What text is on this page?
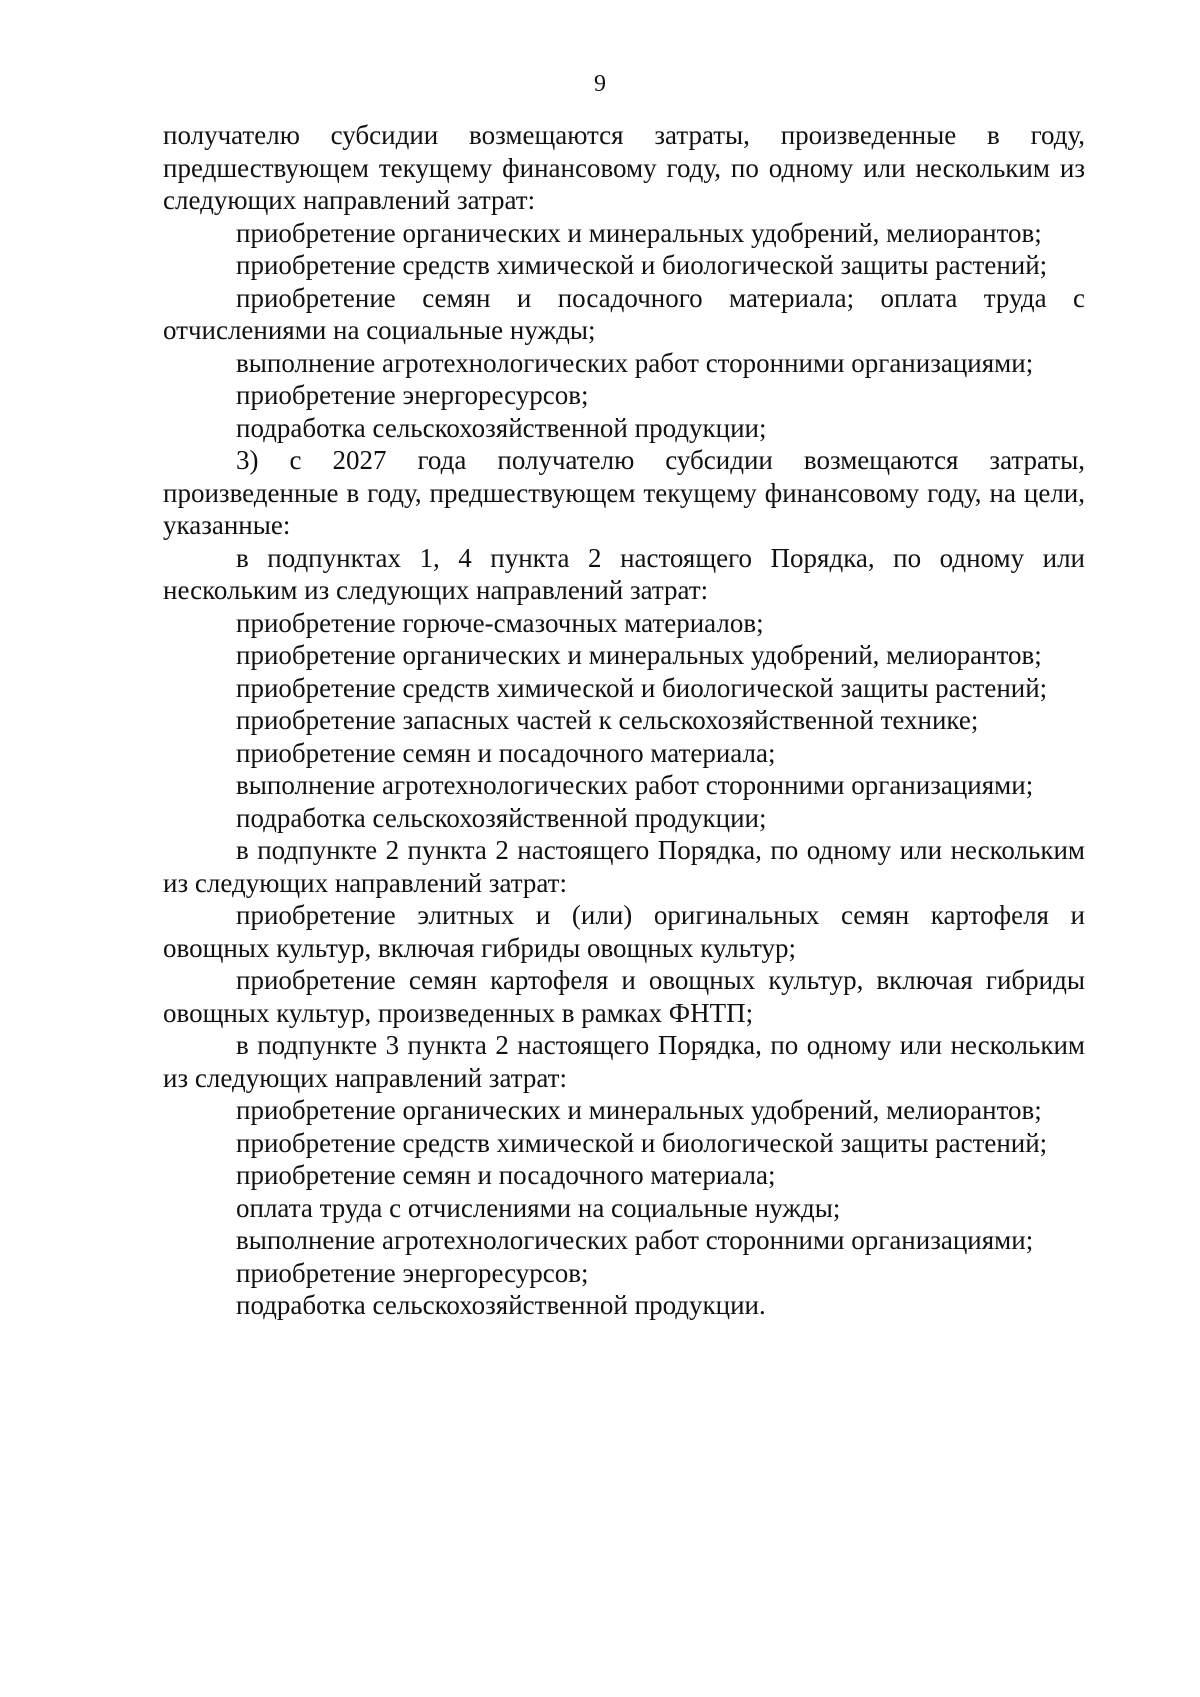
9

получателю субсидии возмещаются затраты, произведенные в году, предшествующем текущему финансовому году, по одному или нескольким из следующих направлений затрат:

приобретение органических и минеральных удобрений, мелиорантов;

приобретение средств химической и биологической защиты растений;

приобретение семян и посадочного материала; оплата труда с отчислениями на социальные нужды;

выполнение агротехнологических работ сторонними организациями;

приобретение энергоресурсов;

подработка сельскохозяйственной продукции;

3) с 2027 года получателю субсидии возмещаются затраты, произведенные в году, предшествующем текущему финансовому году, на цели, указанные:

в подпунктах 1, 4 пункта 2 настоящего Порядка, по одному или нескольким из следующих направлений затрат:

приобретение горюче-смазочных материалов;

приобретение органических и минеральных удобрений, мелиорантов;

приобретение средств химической и биологической защиты растений;

приобретение запасных частей к сельскохозяйственной технике;

приобретение семян и посадочного материала;

выполнение агротехнологических работ сторонними организациями;

подработка сельскохозяйственной продукции;

в подпункте 2 пункта 2 настоящего Порядка, по одному или нескольким из следующих направлений затрат:

приобретение элитных и (или) оригинальных семян картофеля и овощных культур, включая гибриды овощных культур;

приобретение семян картофеля и овощных культур, включая гибриды овощных культур, произведенных в рамках ФНТП;

в подпункте 3 пункта 2 настоящего Порядка, по одному или нескольким из следующих направлений затрат:

приобретение органических и минеральных удобрений, мелиорантов;

приобретение средств химической и биологической защиты растений;

приобретение семян и посадочного материала;

оплата труда с отчислениями на социальные нужды;

выполнение агротехнологических работ сторонними организациями;

приобретение энергоресурсов;

подработка сельскохозяйственной продукции.
